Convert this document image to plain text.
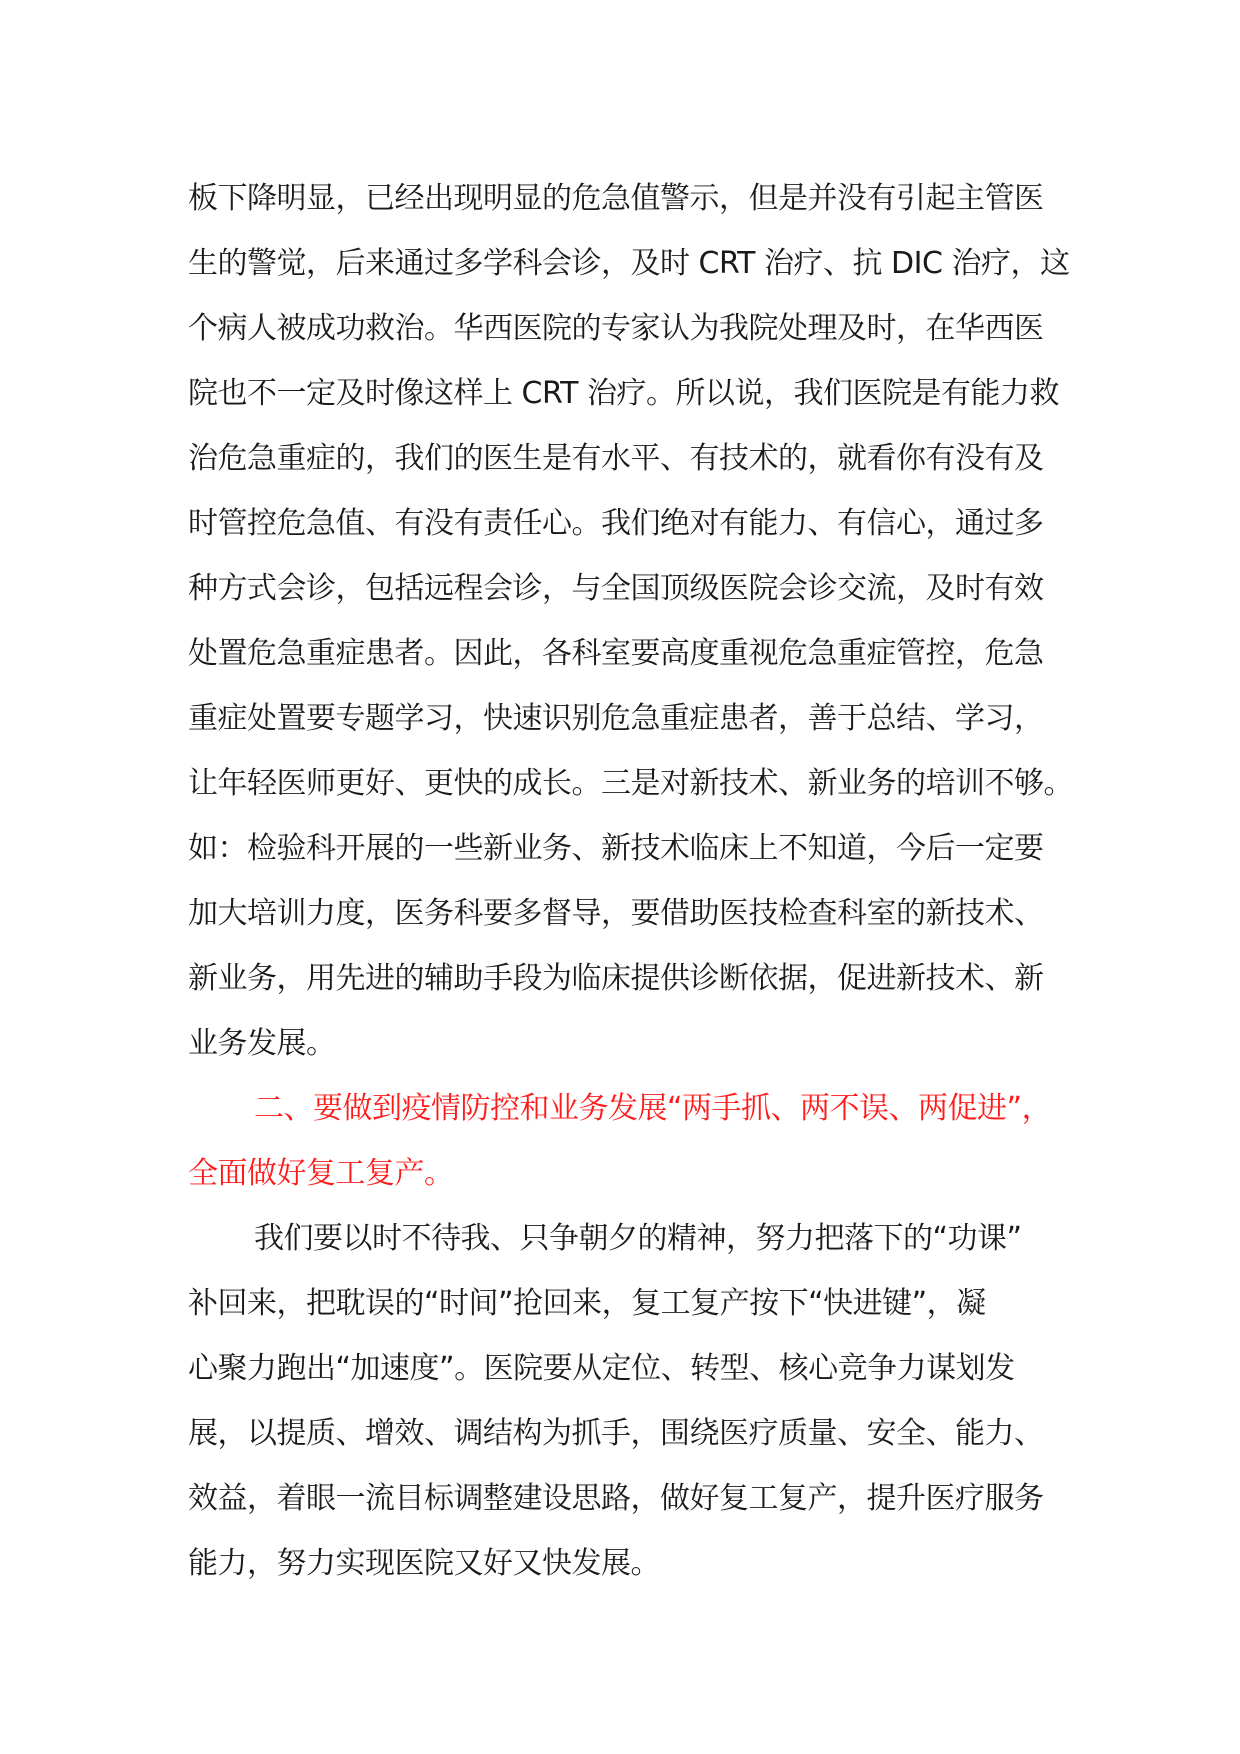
板下降明显，已经出现明显的危急值警示，但是并没有引起主管医
生的警觉，后来通过多学科会诊，及时 CRT 治疗、抗 DIC 治疗，这
个病人被成功救治。华西医院的专家认为我院处理及时，在华西医
院也不一定及时像这样上 CRT 治疗。所以说，我们医院是有能力救
治危急重症的，我们的医生是有水平、有技术的，就看你有没有及
时管控危急值、有没有责任心。我们绝对有能力、有信心，通过多
种方式会诊，包括远程会诊，与全国顶级医院会诊交流，及时有效
处置危急重症患者。因此，各科室要高度重视危急重症管控，危急
重症处置要专题学习，快速识别危急重症患者，善于总结、学习，
让年轻医师更好、更快的成长。三是对新技术、新业务的培训不够。
如：检验科开展的一些新业务、新技术临床上不知道，今后一定要
加大培训力度，医务科要多督导，要借助医技检查科室的新技术、
新业务，用先进的辅助手段为临床提供诊断依据，促进新技术、新
业务发展。
二、要做到疫情防控和业务发展“两手抓、两不误、两促进”，
全面做好复工复产。
我们要以时不待我、只争朝夕的精神，努力把落下的“功课”
补回来，把耽误的“时间”抢回来，复工复产按下“快进键”，凝
心聚力跑出“加速度”。医院要从定位、转型、核心竞争力谋划发
展，以提质、增效、调结构为抓手，围绕医疗质量、安全、能力、
效益，着眼一流目标调整建设思路，做好复工复产，提升医疗服务
能力，努力实现医院又好又快发展。
